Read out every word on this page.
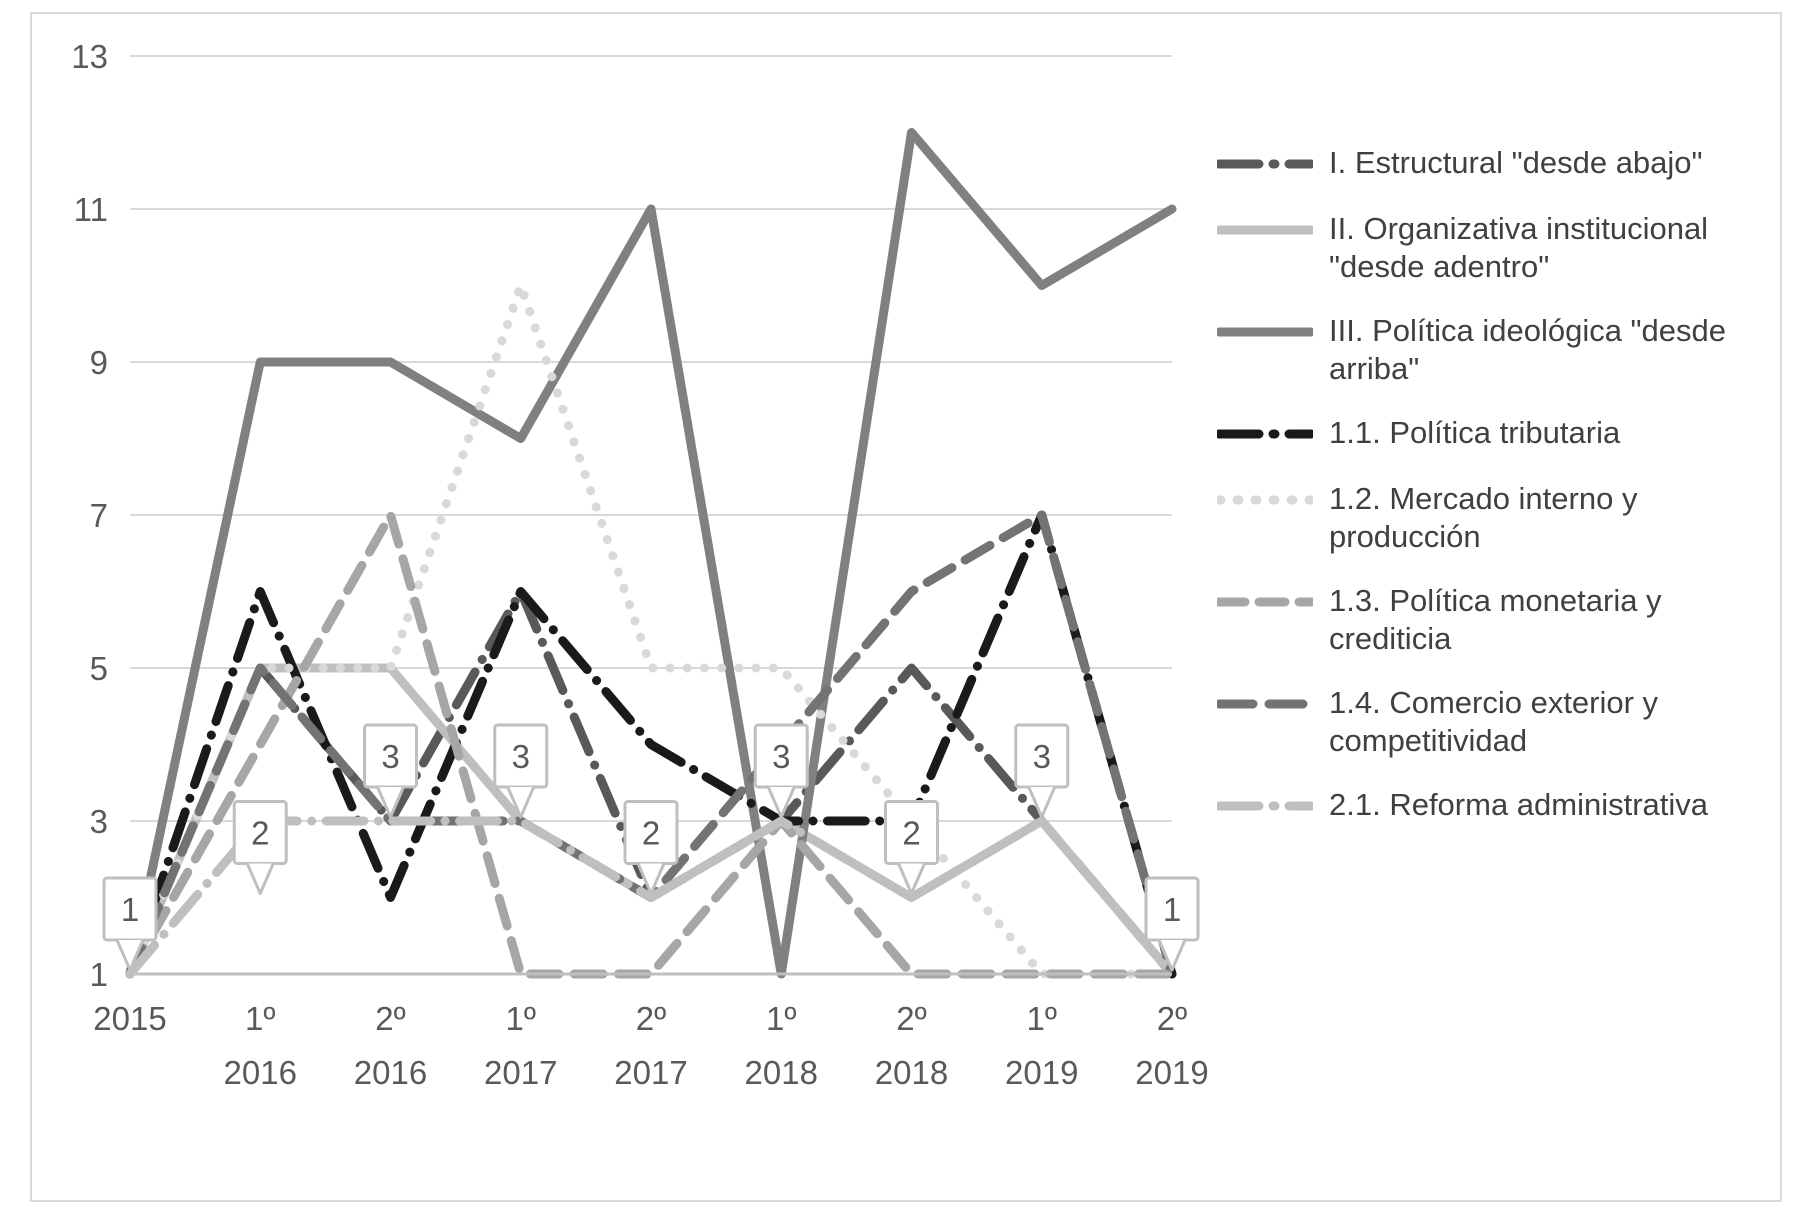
1
3
5
7
9
11
13
1
2
3	3
2
3
2
3
1
2015 1º
2016
2º
2016
1º
2017
2º
2017
1º
2018
2º
2018
1º
2019
2º
2019
I. Estructural "desde abajo"
II. Organizativa institucional "desde adentro"
III. Política ideológica "desde arriba"
1.1. Política tributaria
1.2. Mercado interno y producción
1.3. Política monetaria y crediticia
1.4. Comercio exterior y competitividad
2.1. Reforma administrativa
